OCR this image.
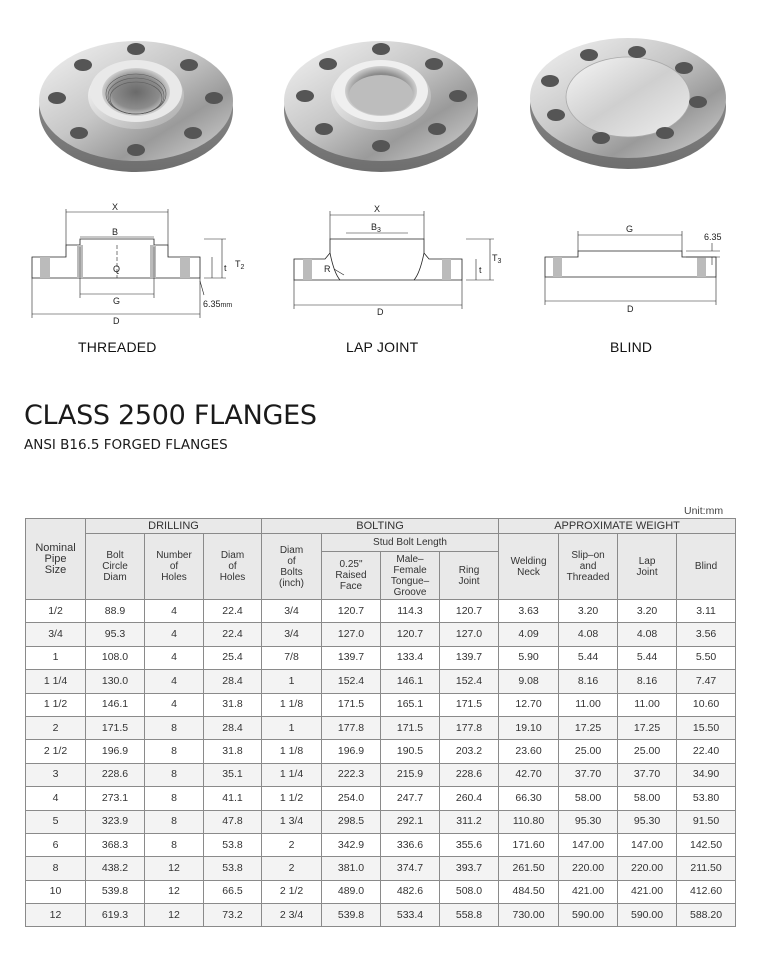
X
B
Q
G
D
t $T_2$
6.35mm
X
$B_3$
R
D
t
$T_3$
G
D
6.35
THREADED	LAP JOINT	BLIND
CLASS 2500 FLANGES
ANSI B16.5 FORGED FLANGES
Unit:mm
Nominal
Pipe
Size	DRILLING			BOLTING				APPROXIMATE WEIGHT			

	Bolt
Circle
Diam	Number
of
Holes	Diam
of
Holes	Diam
of
Bolts
(inch)	Stud Bolt Length			Welding
Neck	Slip–on
and
Threaded	Lap
Joint	Blind

					0.25"
Raised
Face	Male–
Female
Tongue–
Groove	Ring
Joint				

1/2	88.9	4	22.4	3/4	120.7	114.3	120.7	3.63	3.20	3.20	3.11
3/4	95.3	4	22.4	3/4	127.0	120.7	127.0	4.09	4.08	4.08	3.56
1	108.0	4	25.4	7/8	139.7	133.4	139.7	5.90	5.44	5.44	5.50
1 1/4	130.0	4	28.4	1	152.4	146.1	152.4	9.08	8.16	8.16	7.47
1 1/2	146.1	4	31.8	1 1/8	171.5	165.1	171.5	12.70	11.00	11.00	10.60
2	171.5	8	28.4	1	177.8	171.5	177.8	19.10	17.25	17.25	15.50
2 1/2	196.9	8	31.8	1 1/8	196.9	190.5	203.2	23.60	25.00	25.00	22.40
3	228.6	8	35.1	1 1/4	222.3	215.9	228.6	42.70	37.70	37.70	34.90
4	273.1	8	41.1	1 1/2	254.0	247.7	260.4	66.30	58.00	58.00	53.80
5	323.9	8	47.8	1 3/4	298.5	292.1	311.2	110.80	95.30	95.30	91.50
6	368.3	8	53.8	2	342.9	336.6	355.6	171.60	147.00	147.00	142.50
8	438.2	12	53.8	2	381.0	374.7	393.7	261.50	220.00	220.00	211.50
10	539.8	12	66.5	2 1/2	489.0	482.6	508.0	484.50	421.00	421.00	412.60
12	619.3	12	73.2	2 3/4	539.8	533.4	558.8	730.00	590.00	590.00	588.20
